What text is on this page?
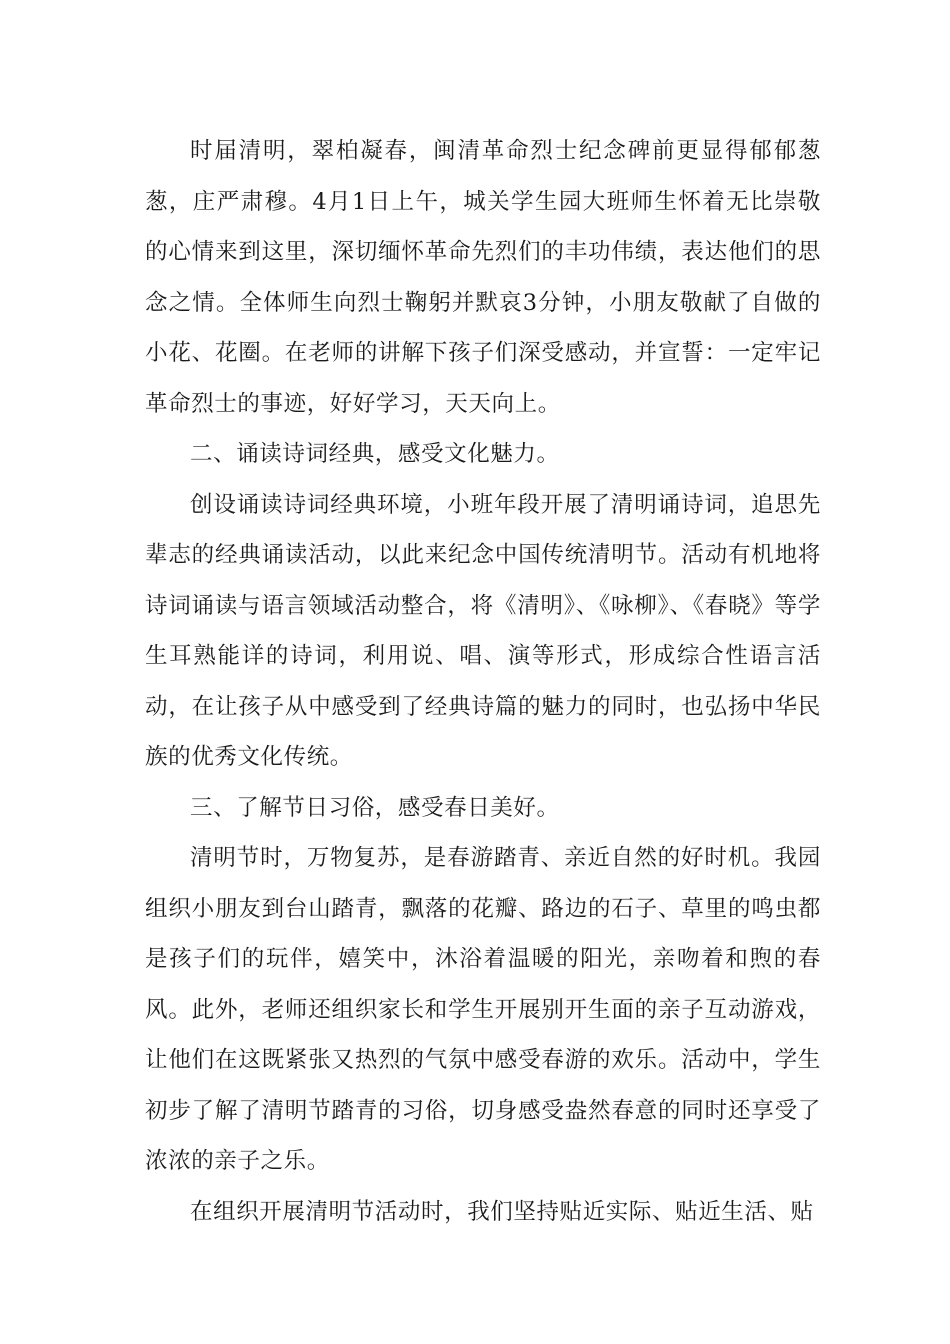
时届清明，翠柏凝春，闽清革命烈士纪念碑前更显得郁郁葱葱，庄严肃穆。4月1日上午，城关学生园大班师生怀着无比崇敬的心情来到这里，深切缅怀革命先烈们的丰功伟绩，表达他们的思念之情。全体师生向烈士鞠躬并默哀3分钟，小朋友敬献了自做的小花、花圈。在老师的讲解下孩子们深受感动，并宣誓：一定牢记革命烈士的事迹，好好学习，天天向上。

二、诵读诗词经典，感受文化魅力。

创设诵读诗词经典环境，小班年段开展了清明诵诗词，追思先辈志的经典诵读活动，以此来纪念中国传统清明节。活动有机地将诗词诵读与语言领域活动整合，将《清明》、《咏柳》、《春晓》等学生耳熟能详的诗词，利用说、唱、演等形式，形成综合性语言活动，在让孩子从中感受到了经典诗篇的魅力的同时，也弘扬中华民族的优秀文化传统。

三、了解节日习俗，感受春日美好。

清明节时，万物复苏，是春游踏青、亲近自然的好时机。我园组织小朋友到台山踏青，飘落的花瓣、路边的石子、草里的鸣虫都是孩子们的玩伴，嬉笑中，沐浴着温暖的阳光，亲吻着和煦的春风。此外，老师还组织家长和学生开展别开生面的亲子互动游戏，让他们在这既紧张又热烈的气氛中感受春游的欢乐。活动中，学生初步了解了清明节踏青的习俗，切身感受盎然春意的同时还享受了浓浓的亲子之乐。

在组织开展清明节活动时，我们坚持贴近实际、贴近生活、贴
